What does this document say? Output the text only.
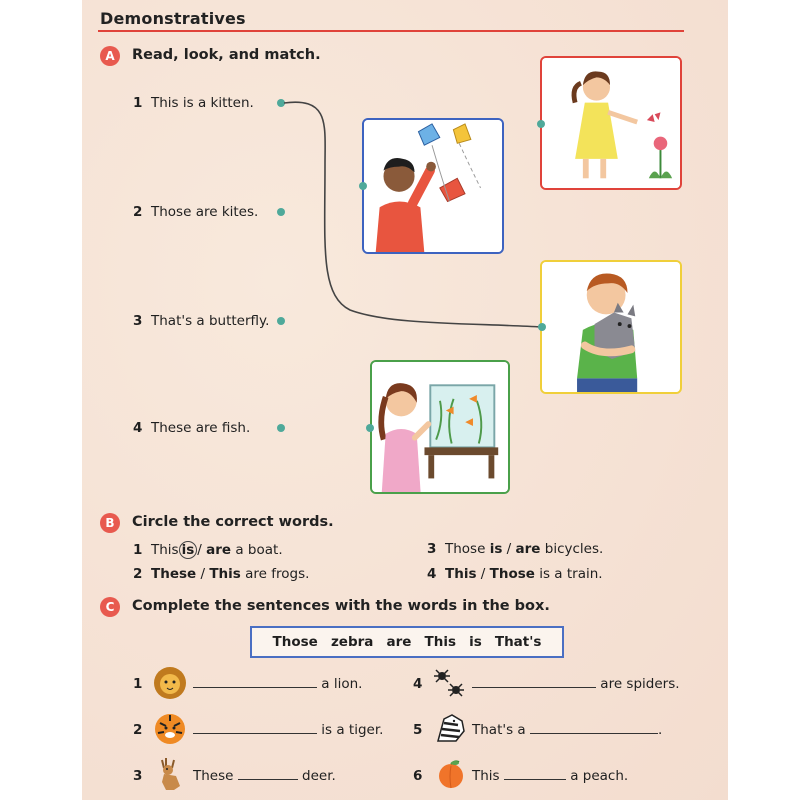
Demonstratives
A	Read, look, and match.
1 This is a kitten.
2 Those are kites.
3 That's a butterfly.
4 These are fish.
B	Circle the correct words.
1 This is / are a boat.
2 These / This are frogs.
3 Those is / are bicycles.
4 This / Those is a train.
C	Complete the sentences with the words in the box.
Those zebra are This is That's
1	a lion.
2	is a tiger.
3	These	deer.
4	are spiders.
5	That's a	.
6	This	a peach.
